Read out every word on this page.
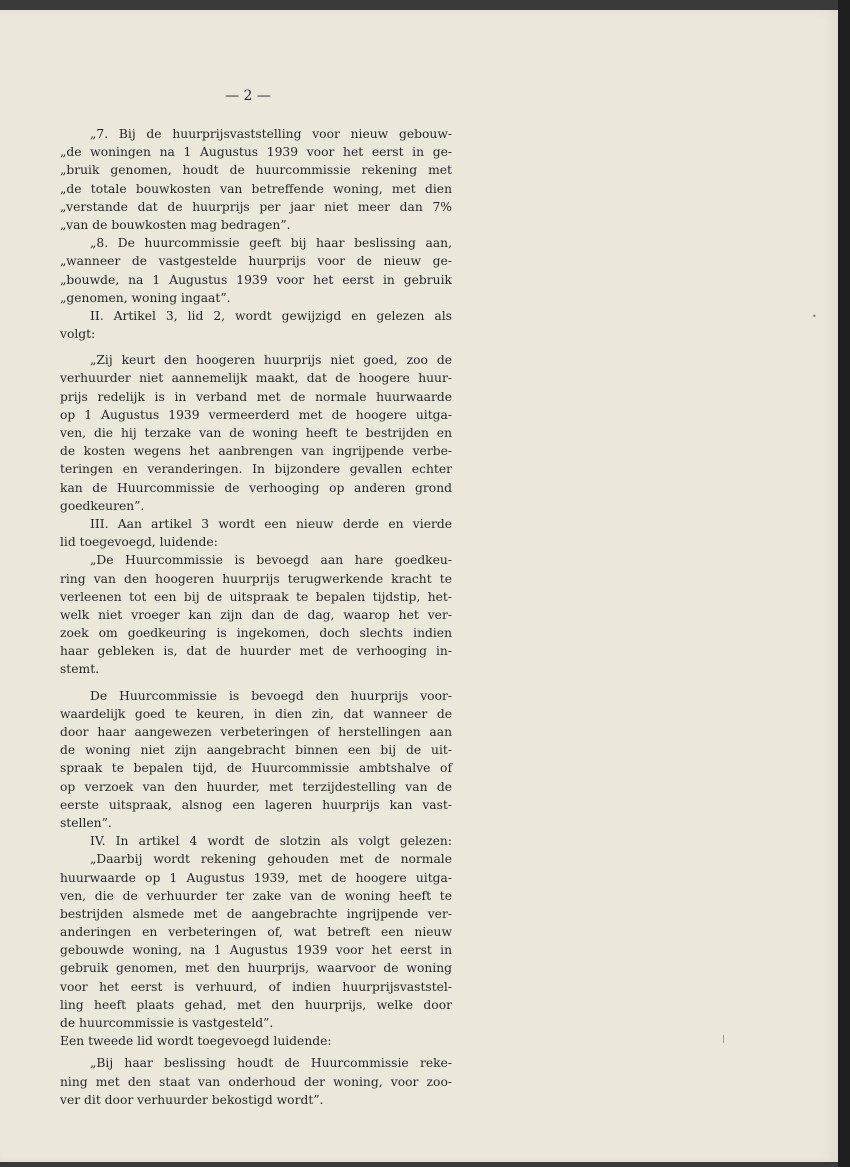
•
|
— 2 —
„7. Bij de huurprijsvaststelling voor nieuw gebouw-
„de woningen na 1 Augustus 1939 voor het eerst in ge-
„bruik genomen, houdt de huurcommissie rekening met
„de totale bouwkosten van betreffende woning, met dien
„verstande dat de huurprijs per jaar niet meer dan 7%
„van de bouwkosten mag bedragen”.
„8. De huurcommissie geeft bij haar beslissing aan,
„wanneer de vastgestelde huurprijs voor de nieuw ge-
„bouwde, na 1 Augustus 1939 voor het eerst in gebruik
„genomen, woning ingaat”.
II. Artikel 3, lid 2, wordt gewijzigd en gelezen als
volgt:
„Zij keurt den hoogeren huurprijs niet goed, zoo de
verhuurder niet aannemelijk maakt, dat de hoogere huur-
prijs redelijk is in verband met de normale huurwaarde
op 1 Augustus 1939 vermeerderd met de hoogere uitga-
ven, die hij terzake van de woning heeft te bestrijden en
de kosten wegens het aanbrengen van ingrijpende verbe-
teringen en veranderingen. In bijzondere gevallen echter
kan de Huurcommissie de verhooging op anderen grond
goedkeuren”.
III. Aan artikel 3 wordt een nieuw derde en vierde
lid toegevoegd, luidende:
„De Huurcommissie is bevoegd aan hare goedkeu-
ring van den hoogeren huurprijs terugwerkende kracht te
verleenen tot een bij de uitspraak te bepalen tijdstip, het-
welk niet vroeger kan zijn dan de dag, waarop het ver-
zoek om goedkeuring is ingekomen, doch slechts indien
haar gebleken is, dat de huurder met de verhooging in-
stemt.
De Huurcommissie is bevoegd den huurprijs voor-
waardelijk goed te keuren, in dien zin, dat wanneer de
door haar aangewezen verbeteringen of herstellingen aan
de woning niet zijn aangebracht binnen een bij de uit-
spraak te bepalen tijd, de Huurcommissie ambtshalve of
op verzoek van den huurder, met terzijdestelling van de
eerste uitspraak, alsnog een lageren huurprijs kan vast-
stellen”.
IV. In artikel 4 wordt de slotzin als volgt gelezen:
„Daarbij wordt rekening gehouden met de normale
huurwaarde op 1 Augustus 1939, met de hoogere uitga-
ven, die de verhuurder ter zake van de woning heeft te
bestrijden alsmede met de aangebrachte ingrijpende ver-
anderingen en verbeteringen of, wat betreft een nieuw
gebouwde woning, na 1 Augustus 1939 voor het eerst in
gebruik genomen, met den huurprijs, waarvoor de woning
voor het eerst is verhuurd, of indien huurprijsvaststel-
ling heeft plaats gehad, met den huurprijs, welke door
de huurcommissie is vastgesteld”.
Een tweede lid wordt toegevoegd luidende:
„Bij haar beslissing houdt de Huurcommissie reke-
ning met den staat van onderhoud der woning, voor zoo-
ver dit door verhuurder bekostigd wordt”.
